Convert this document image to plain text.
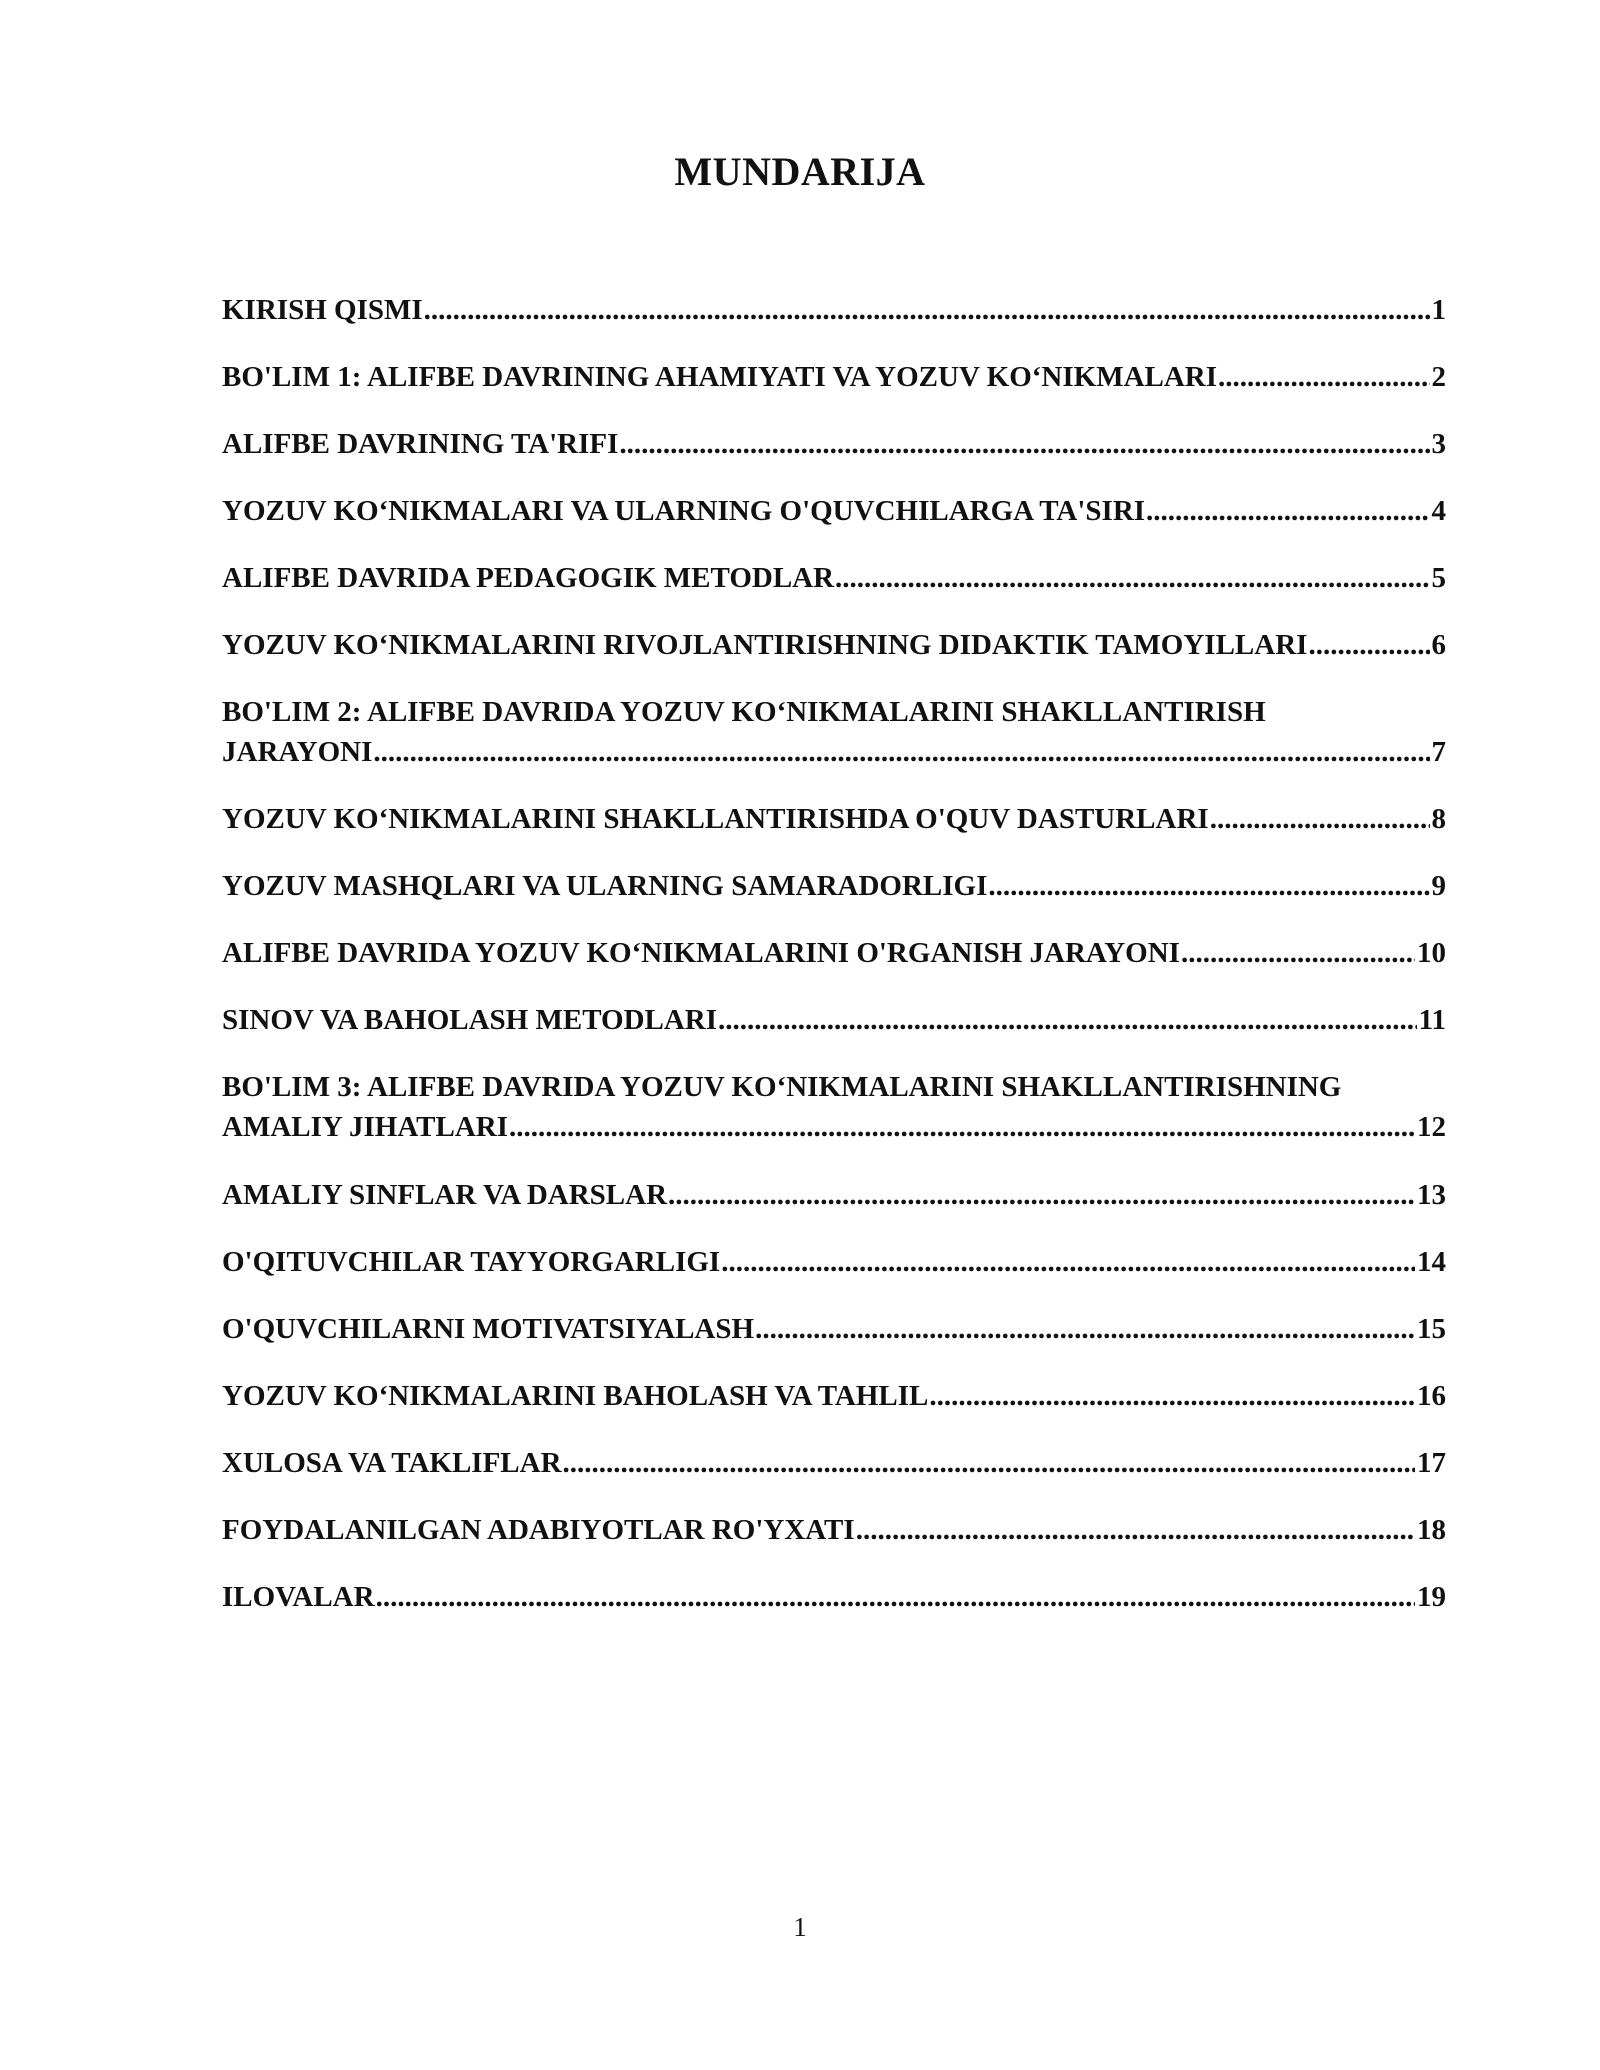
MUNDARIJA
KIRISH QISMI .....	1
BO'LIM 1: ALIFBE DAVRINING AHAMIYATI VA YOZUV KO‘NIKMALARI .....	2
ALIFBE DAVRINING TA'RIFI .....	3
YOZUV KO‘NIKMALARI VA ULARNING O'QUVCHILARGA TA'SIRI .....	4
ALIFBE DAVRIDA PEDAGOGIK METODLAR .....	5
YOZUV KO‘NIKMALARINI RIVOJLANTIRISHNING DIDAKTIK TAMOYILLARI .....	6
BO'LIM 2: ALIFBE DAVRIDA YOZUV KO‘NIKMALARINI SHAKLLANTIRISH
JARAYONI .....	7
YOZUV KO‘NIKMALARINI SHAKLLANTIRISHDA O'QUV DASTURLARI .....	8
YOZUV MASHQLARI VA ULARNING SAMARADORLIGI .....	9
ALIFBE DAVRIDA YOZUV KO‘NIKMALARINI O'RGANISH JARAYONI .....	10
SINOV VA BAHOLASH METODLARI .....	11
BO'LIM 3: ALIFBE DAVRIDA YOZUV KO‘NIKMALARINI SHAKLLANTIRISHNING
AMALIY JIHATLARI .....	12
AMALIY SINFLAR VA DARSLAR .....	13
O'QITUVCHILAR TAYYORGARLIGI .....	14
O'QUVCHILARNI MOTIVATSIYALASH .....	15
YOZUV KO‘NIKMALARINI BAHOLASH VA TAHLIL .....	16
XULOSA VA TAKLIFLAR .....	17
FOYDALANILGAN ADABIYOTLAR RO'YXATI .....	18
ILOVALAR .....	19
1
